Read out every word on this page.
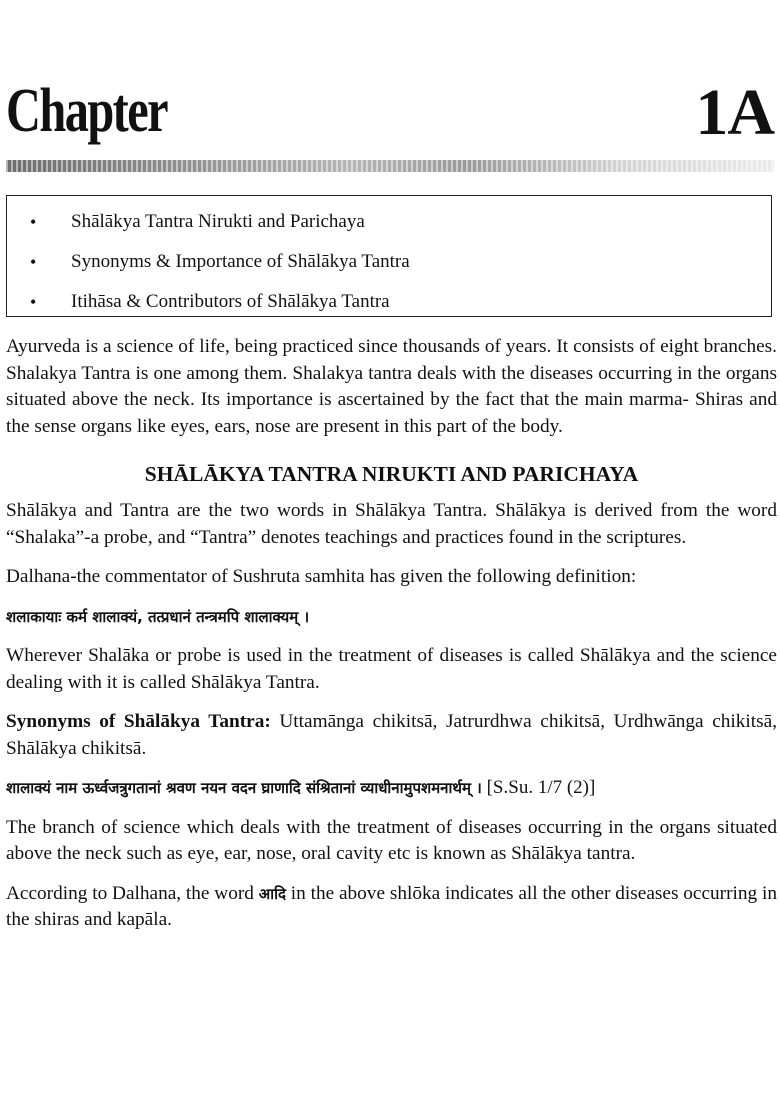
Chapter	1A
• Shālākya Tantra Nirukti and Parichaya
• Synonyms & Importance of Shālākya Tantra
• Itihāsa & Contributors of Shālākya Tantra

Ayurveda is a science of life, being practiced since thousands of years. It consists of eight branches. Shalakya Tantra is one among them. Shalakya tantra deals with the diseases occurring in the organs situated above the neck. Its importance is ascertained by the fact that the main marma- Shiras and the sense organs like eyes, ears, nose are present in this part of the body.

SHĀLĀKYA TANTRA NIRUKTI AND PARICHAYA

Shālākya and Tantra are the two words in Shālākya Tantra. Shālākya is derived from the word “Shalaka”-a probe, and “Tantra” denotes teachings and practices found in the scriptures.

Dalhana-the commentator of Sushruta samhita has given the following definition:

शलाकायाः कर्म शालाक्यं, तत्प्रधानं तन्त्रमपि शालाक्यम् ।

Wherever Shalāka or probe is used in the treatment of diseases is called Shālākya and the science dealing with it is called Shālākya Tantra.

Synonyms of Shālākya Tantra: Uttamānga chikitsā, Jatrurdhwa chikitsā, Urdhwānga chikitsā, Shālākya chikitsā.

शालाक्यं नाम ऊर्ध्वजत्रुगतानां श्रवण नयन वदन घ्राणादि संश्रितानां व्याधीनामुपशमनार्थम् । [S.Su. 1/7 (2)]

The branch of science which deals with the treatment of diseases occurring in the organs situated above the neck such as eye, ear, nose, oral cavity etc is known as Shālākya tantra.

According to Dalhana, the word आदि in the above shlōka indicates all the other diseases occurring in the shiras and kapāla.
